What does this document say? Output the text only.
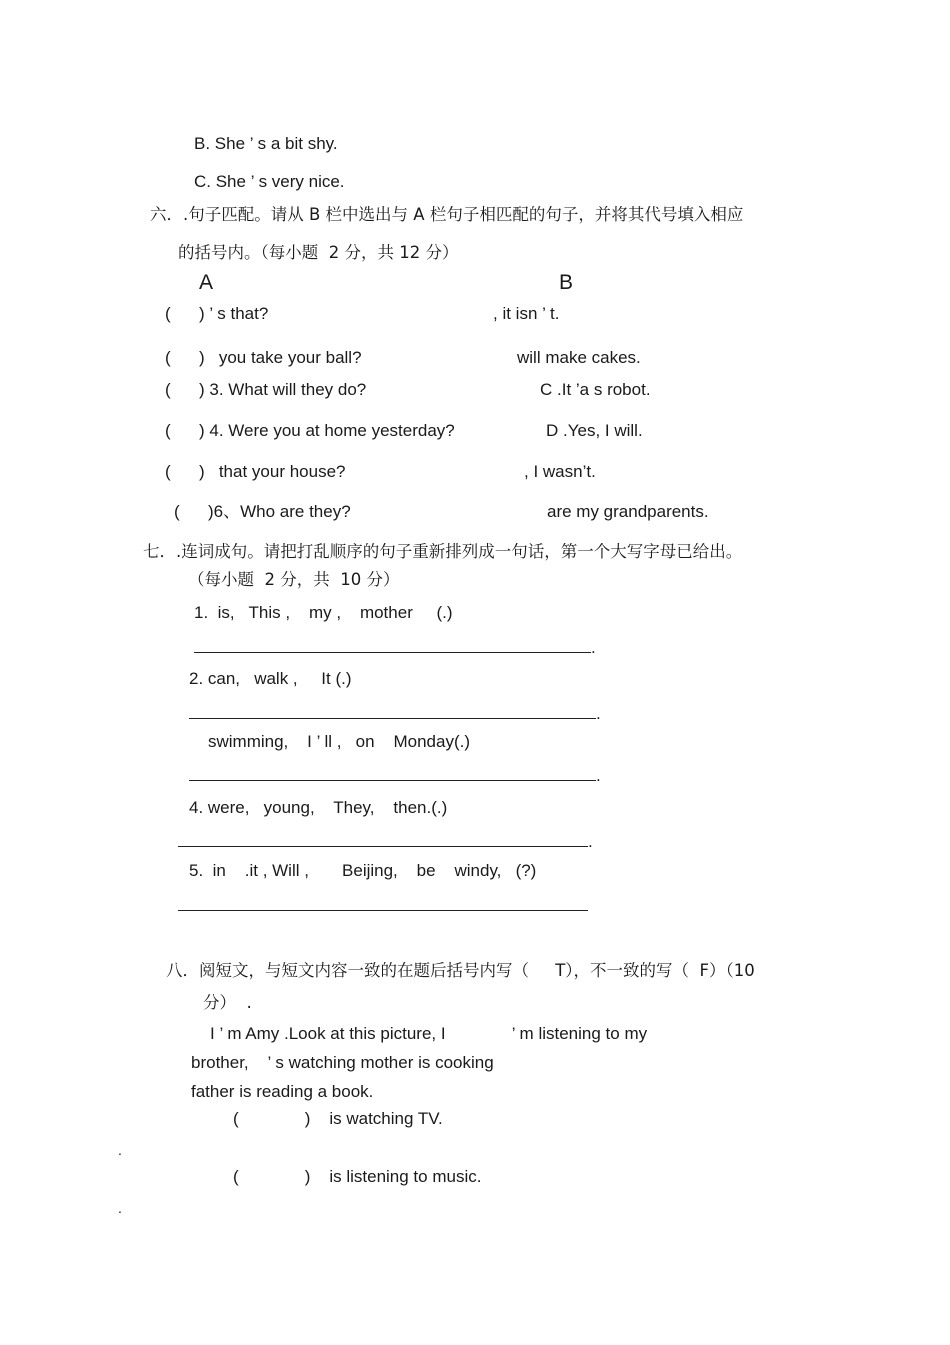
B. She ’ s a bit shy.
C. She ’ s very nice.
六．.句子匹配。请从 B 栏中选出与 A 栏句子相匹配的句子，并将其代号填入相应
的括号内。（每小题  2 分，共 12 分）
A	B
(      ) ’ s that?	, it isn ’ t.
(      )   you take your ball?	will make cakes.
(      ) 3. What will they do?	C .It ’a s robot.
(      ) 4. Were you at home yesterday?	D .Yes, I will.
(      )   that your house?	, I wasn’t.
(      )6、Who are they?	are my grandparents.
七．.连词成句。请把打乱顺序的句子重新排列成一句话，第一个大写字母已给出。
（每小题  2 分，共  10 分）
1.  is,   This ,    my ,    mother     (.)
.
2. can,   walk ,     It (.)
.
swimming,    I ’ ll ,   on    Monday(.)
.
4. were,   young,    They,    then.(.)
.
5.  in    .it , Will ,       Beijing,    be    windy,   (?)
八．阅短文，与短文内容一致的在题后括号内写（     T），不一致的写（  F）（10
分）  .
I ’ m Amy .Look at this picture, I              ’ m listening to my
brother,    ’ s watching mother is cooking
father is reading a book.
(              )    is watching TV.
.
(              )    is listening to music.
.
